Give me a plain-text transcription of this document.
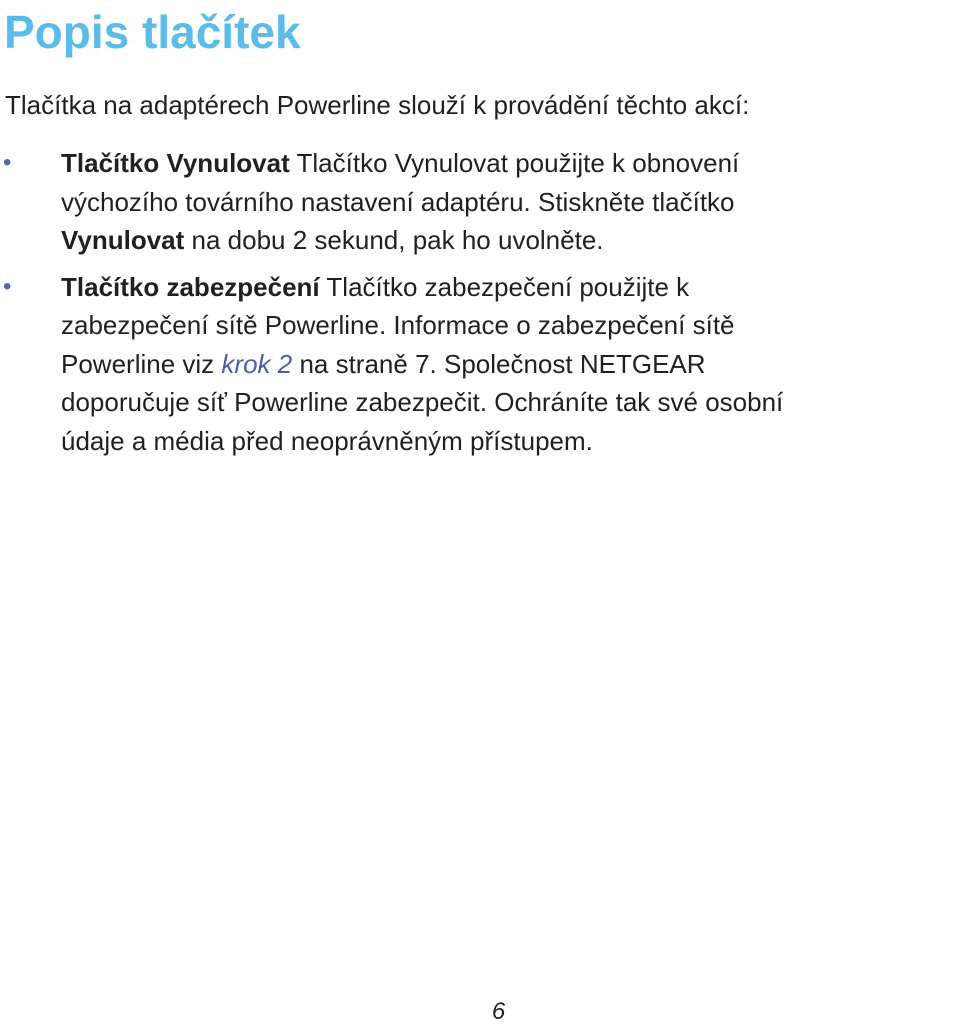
Popis tlačítek

Tlačítka na adaptérech Powerline slouží k provádění těchto akcí:

• Tlačítko Vynulovat Tlačítko Vynulovat použijte k obnovení
výchozího továrního nastavení adaptéru. Stiskněte tlačítko
Vynulovat na dobu 2 sekund, pak ho uvolněte.
• Tlačítko zabezpečení Tlačítko zabezpečení použijte k
zabezpečení sítě Powerline. Informace o zabezpečení sítě
Powerline viz krok 2 na straně 7. Společnost NETGEAR
doporučuje síť Powerline zabezpečit. Ochráníte tak své osobní
údaje a média před neoprávněným přístupem.

6
